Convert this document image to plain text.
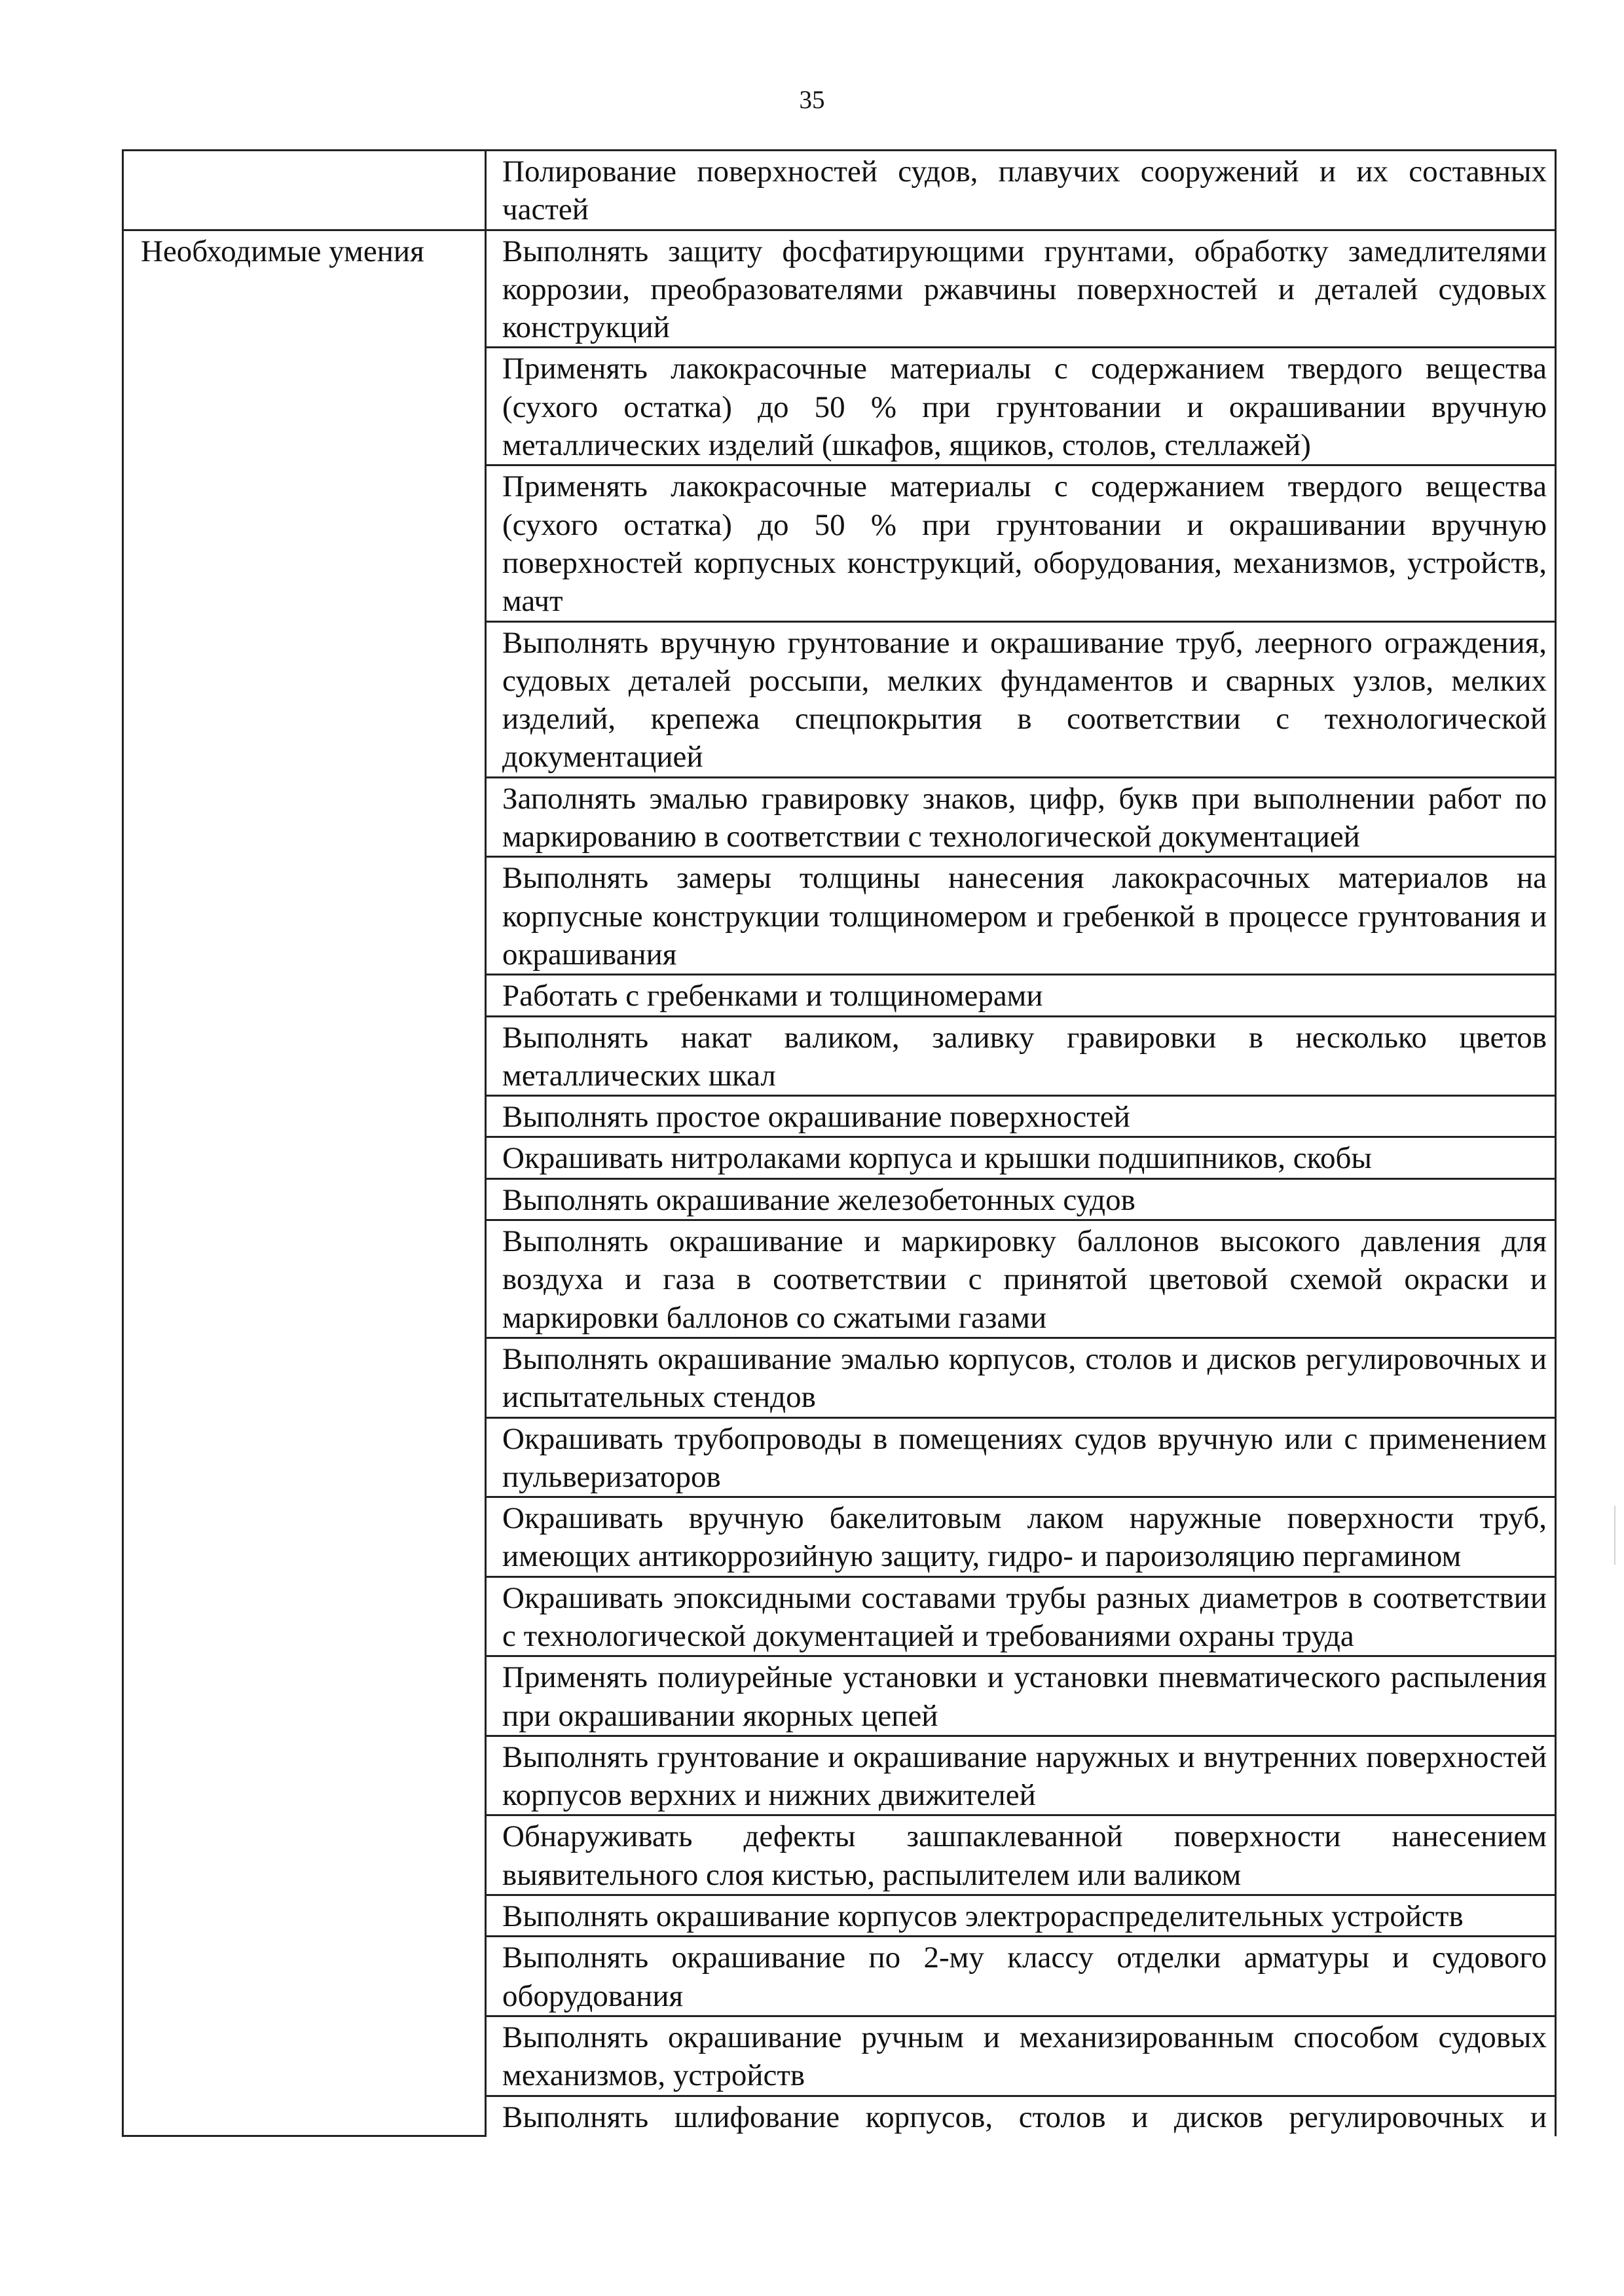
35
	Полирование поверхностей судов, плавучих сооружений и их составных частей
Необходимые умения	Выполнять защиту фосфатирующими грунтами, обработку замедлителями коррозии, преобразователями ржавчины поверхностей и деталей судовых конструкций
	Применять лакокрасочные материалы с содержанием твердого вещества (сухого остатка) до 50 % при грунтовании и окрашивании вручную металлических изделий (шкафов, ящиков, столов, стеллажей)
	Применять лакокрасочные материалы с содержанием твердого вещества (сухого остатка) до 50 % при грунтовании и окрашивании вручную поверхностей корпусных конструкций, оборудования, механизмов, устройств, мачт
	Выполнять вручную грунтование и окрашивание труб, леерного ограждения, судовых деталей россыпи, мелких фундаментов и сварных узлов, мелких изделий, крепежа спецпокрытия в соответствии с технологической документацией
	Заполнять эмалью гравировку знаков, цифр, букв при выполнении работ по маркированию в соответствии с технологической документацией
	Выполнять замеры толщины нанесения лакокрасочных материалов на корпусные конструкции толщиномером и гребенкой в процессе грунтования и окрашивания
	Работать с гребенками и толщиномерами
	Выполнять накат валиком, заливку гравировки в несколько цветов металлических шкал
	Выполнять простое окрашивание поверхностей
	Окрашивать нитролаками корпуса и крышки подшипников, скобы
	Выполнять окрашивание железобетонных судов
	Выполнять окрашивание и маркировку баллонов высокого давления для воздуха и газа в соответствии с принятой цветовой схемой окраски и маркировки баллонов со сжатыми газами
	Выполнять окрашивание эмалью корпусов, столов и дисков регулировочных и испытательных стендов
	Окрашивать трубопроводы в помещениях судов вручную или с применением пульверизаторов
	Окрашивать вручную бакелитовым лаком наружные поверхности труб, имеющих антикоррозийную защиту, гидро- и пароизоляцию пергамином
	Окрашивать эпоксидными составами трубы разных диаметров в соответствии с технологической документацией и требованиями охраны труда
	Применять полиурейные установки и установки пневматического распыления при окрашивании якорных цепей
	Выполнять грунтование и окрашивание наружных и внутренних поверхностей корпусов верхних и нижних движителей
	Обнаруживать дефекты зашпаклеванной поверхности нанесением выявительного слоя кистью, распылителем или валиком
	Выполнять окрашивание корпусов электрораспределительных устройств
	Выполнять окрашивание по 2-му классу отделки арматуры и судового оборудования
	Выполнять окрашивание ручным и механизированным способом судовых механизмов, устройств
	Выполнять шлифование корпусов, столов и дисков регулировочных и
